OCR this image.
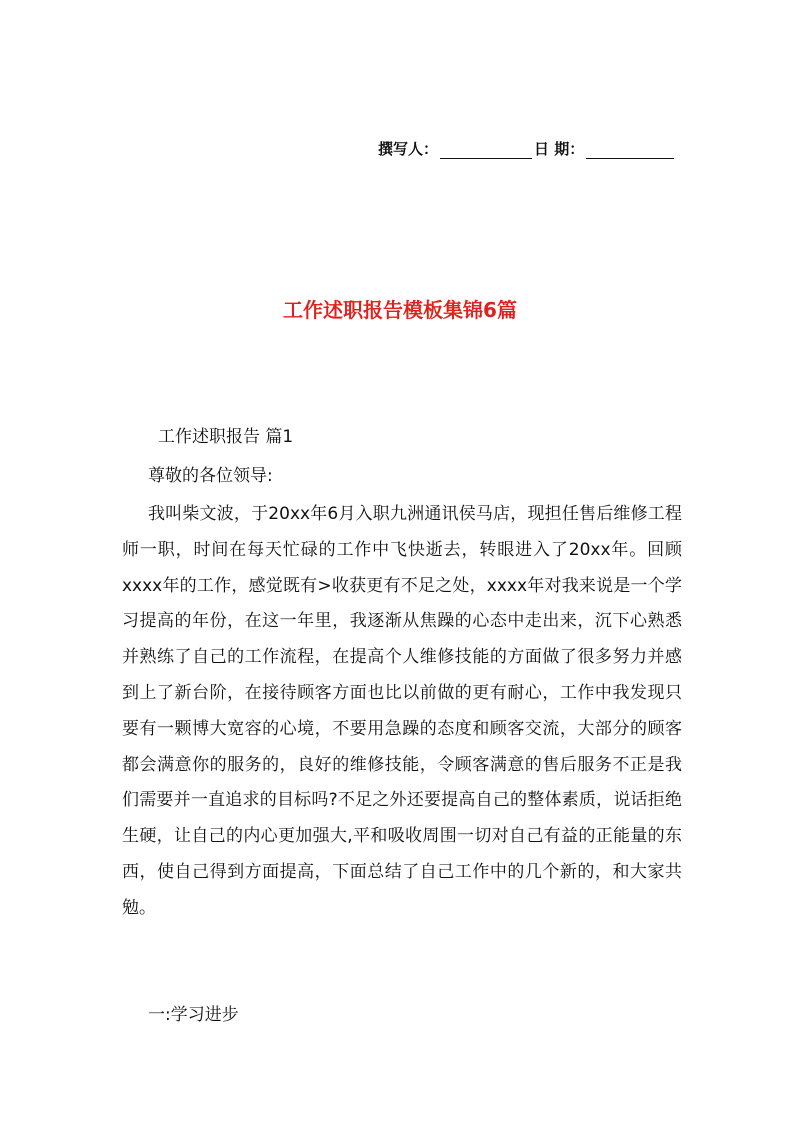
撰写人：	日 期：
工作述职报告模板集锦6篇
工作述职报告 篇1
尊敬的各位领导:

我叫柴文波，于20xx年6月入职九洲通讯侯马店，现担任售后维修工程师一职，时间在每天忙碌的工作中飞快逝去，转眼进入了20xx年。回顾xxxx年的工作，感觉既有>收获更有不足之处，xxxx年对我来说是一个学习提高的年份，在这一年里，我逐渐从焦躁的心态中走出来，沉下心熟悉并熟练了自己的工作流程，在提高个人维修技能的方面做了很多努力并感到上了新台阶，在接待顾客方面也比以前做的更有耐心，工作中我发现只要有一颗博大宽容的心境，不要用急躁的态度和顾客交流，大部分的顾客都会满意你的服务的，良好的维修技能，令顾客满意的售后服务不正是我们需要并一直追求的目标吗?不足之外还要提高自己的整体素质，说话拒绝生硬，让自己的内心更加强大,平和吸收周围一切对自己有益的正能量的东西，使自己得到方面提高，下面总结了自己工作中的几个新的，和大家共勉。

一:学习进步
